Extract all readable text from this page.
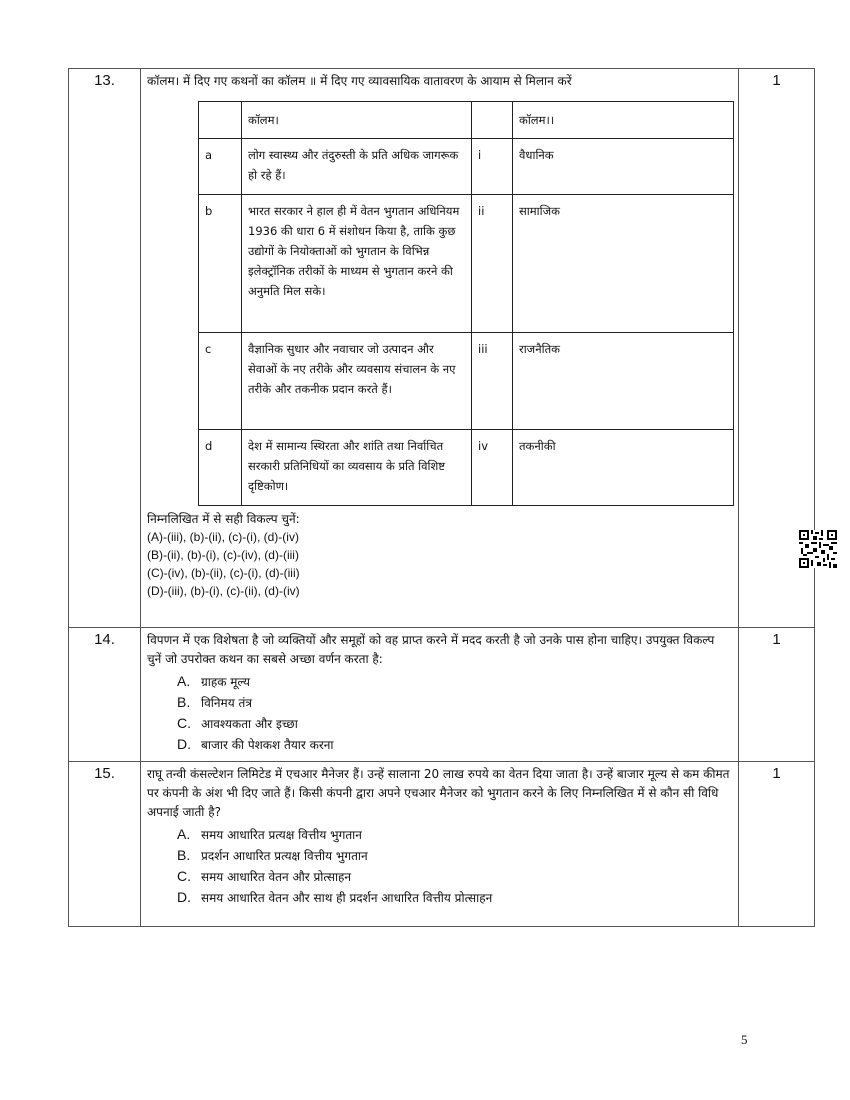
13.	कॉलम। में दिए गए कथनों का कॉलम ॥ में दिए गए व्यावसायिक वातावरण के आयाम से मिलान करें

	कॉलम।		कॉलम।।
a	लोग स्वास्थ्य और तंदुरुस्ती के प्रति अधिक जागरूक हो रहे हैं।	i	वैधानिक
b	भारत सरकार ने हाल ही में वेतन भुगतान अधिनियम 1936 की धारा 6 में संशोधन किया है, ताकि कुछ उद्योगों के नियोक्ताओं को भुगतान के विभिन्न इलेक्ट्रॉनिक तरीकों के माध्यम से भुगतान करने की अनुमति मिल सके।	ii	सामाजिक
c	वैज्ञानिक सुधार और नवाचार जो उत्पादन और सेवाओं के नए तरीके और व्यवसाय संचालन के नए तरीके और तकनीक प्रदान करते हैं।	iii	राजनैतिक
d	देश में सामान्य स्थिरता और शांति तथा निर्वाचित सरकारी प्रतिनिधियों का व्यवसाय के प्रति विशिष्ट दृष्टिकोण।	iv	तकनीकी

निम्नलिखित में से सही विकल्प चुनें:

(A)-(iii), (b)-(ii), (c)-(i), (d)-(iv)
(B)-(ii), (b)-(i), (c)-(iv), (d)-(iii)
(C)-(iv), (b)-(ii), (c)-(i), (d)-(iii)
(D)-(iii), (b)-(i), (c)-(ii), (d)-(iv)
	1
14.	विपणन में एक विशेषता है जो व्यक्तियों और समूहों को वह प्राप्त करने में मदद करती है जो उनके पास होना चाहिए। उपयुक्त विकल्प चुनें जो उपरोक्त कथन का सबसे अच्छा वर्णन करता है:

A. ग्राहक मूल्य
B. विनिमय तंत्र
C. आवश्यकता और इच्छा
D. बाजार की पेशकश तैयार करना
	1
15.	राघू तन्वी कंसल्टेशन लिमिटेड में एचआर मैनेजर हैं। उन्हें सालाना 20 लाख रुपये का वेतन दिया जाता है। उन्हें बाजार मूल्य से कम कीमत पर कंपनी के अंश भी दिए जाते हैं। किसी कंपनी द्वारा अपने एचआर मैनेजर को भुगतान करने के लिए निम्नलिखित में से कौन सी विधि अपनाई जाती है?

A. समय आधारित प्रत्यक्ष वित्तीय भुगतान
B. प्रदर्शन आधारित प्रत्यक्ष वित्तीय भुगतान
C. समय आधारित वेतन और प्रोत्साहन
D. समय आधारित वेतन और साथ ही प्रदर्शन आधारित वित्तीय प्रोत्साहन
	1
5
